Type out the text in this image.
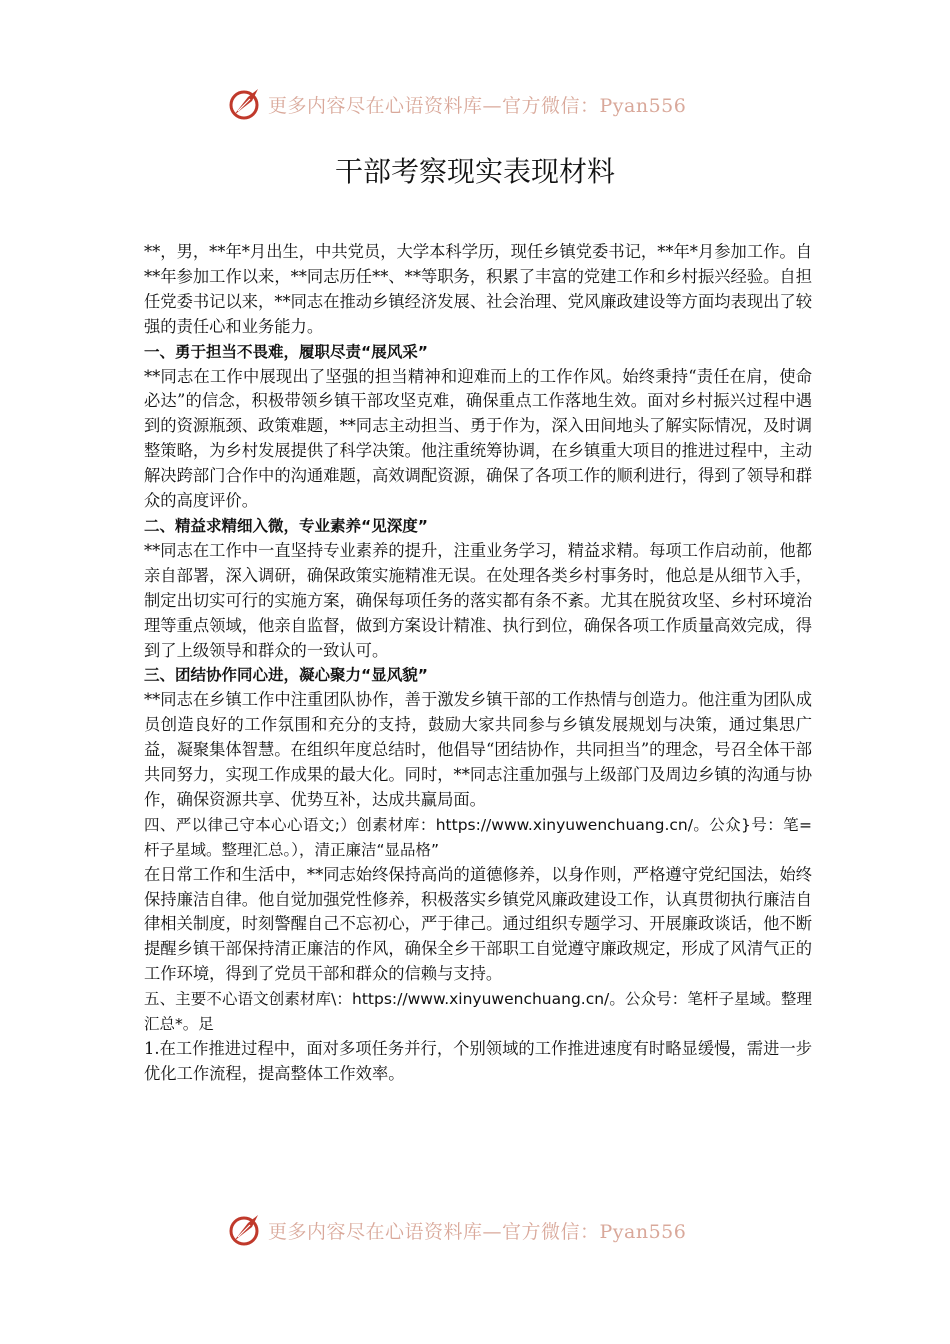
更多内容尽在心语资料库—官方微信：Pyan556
干部考察现实表现材料

**，男，**年*月出生，中共党员，大学本科学历，现任乡镇党委书记，**年*月参加工作。自**年参加工作以来，**同志历任**、**等职务，积累了丰富的党建工作和乡村振兴经验。自担任党委书记以来，**同志在推动乡镇经济发展、社会治理、党风廉政建设等方面均表现出了较强的责任心和业务能力。

一、勇于担当不畏难，履职尽责“展风采”

**同志在工作中展现出了坚强的担当精神和迎难而上的工作作风。始终秉持“责任在肩，使命必达”的信念，积极带领乡镇干部攻坚克难，确保重点工作落地生效。面对乡村振兴过程中遇到的资源瓶颈、政策难题，**同志主动担当、勇于作为，深入田间地头了解实际情况，及时调整策略，为乡村发展提供了科学决策。他注重统筹协调，在乡镇重大项目的推进过程中，主动解决跨部门合作中的沟通难题，高效调配资源，确保了各项工作的顺利进行，得到了领导和群众的高度评价。

二、精益求精细入微，专业素养“见深度”

**同志在工作中一直坚持专业素养的提升，注重业务学习，精益求精。每项工作启动前，他都亲自部署，深入调研，确保政策实施精准无误。在处理各类乡村事务时，他总是从细节入手，制定出切实可行的实施方案，确保每项任务的落实都有条不紊。尤其在脱贫攻坚、乡村环境治理等重点领域，他亲自监督，做到方案设计精准、执行到位，确保各项工作质量高效完成，得到了上级领导和群众的一致认可。

三、团结协作同心进，凝心聚力“显风貌”

**同志在乡镇工作中注重团队协作，善于激发乡镇干部的工作热情与创造力。他注重为团队成员创造良好的工作氛围和充分的支持，鼓励大家共同参与乡镇发展规划与决策，通过集思广益，凝聚集体智慧。在组织年度总结时，他倡导“团结协作，共同担当”的理念，号召全体干部共同努力，实现工作成果的最大化。同时，**同志注重加强与上级部门及周边乡镇的沟通与协作，确保资源共享、优势互补，达成共赢局面。

四、严以律己守本心心语文;）创素材库：https://www.xinyuwenchuang.cn/。公众}号：笔=杆子星域。整理汇总。），清正廉洁“显品格”

在日常工作和生活中，**同志始终保持高尚的道德修养，以身作则，严格遵守党纪国法，始终保持廉洁自律。他自觉加强党性修养，积极落实乡镇党风廉政建设工作，认真贯彻执行廉洁自律相关制度，时刻警醒自己不忘初心，严于律己。通过组织专题学习、开展廉政谈话，他不断提醒乡镇干部保持清正廉洁的作风，确保全乡干部职工自觉遵守廉政规定，形成了风清气正的工作环境，得到了党员干部和群众的信赖与支持。

五、主要不心语文创素材库\：https://www.xinyuwenchuang.cn/。公众号：笔杆子星域。整理汇总*。足

1.在工作推进过程中，面对多项任务并行，个别领域的工作推进速度有时略显缓慢，需进一步优化工作流程，提高整体工作效率。

更多内容尽在心语资料库—官方微信：Pyan556
